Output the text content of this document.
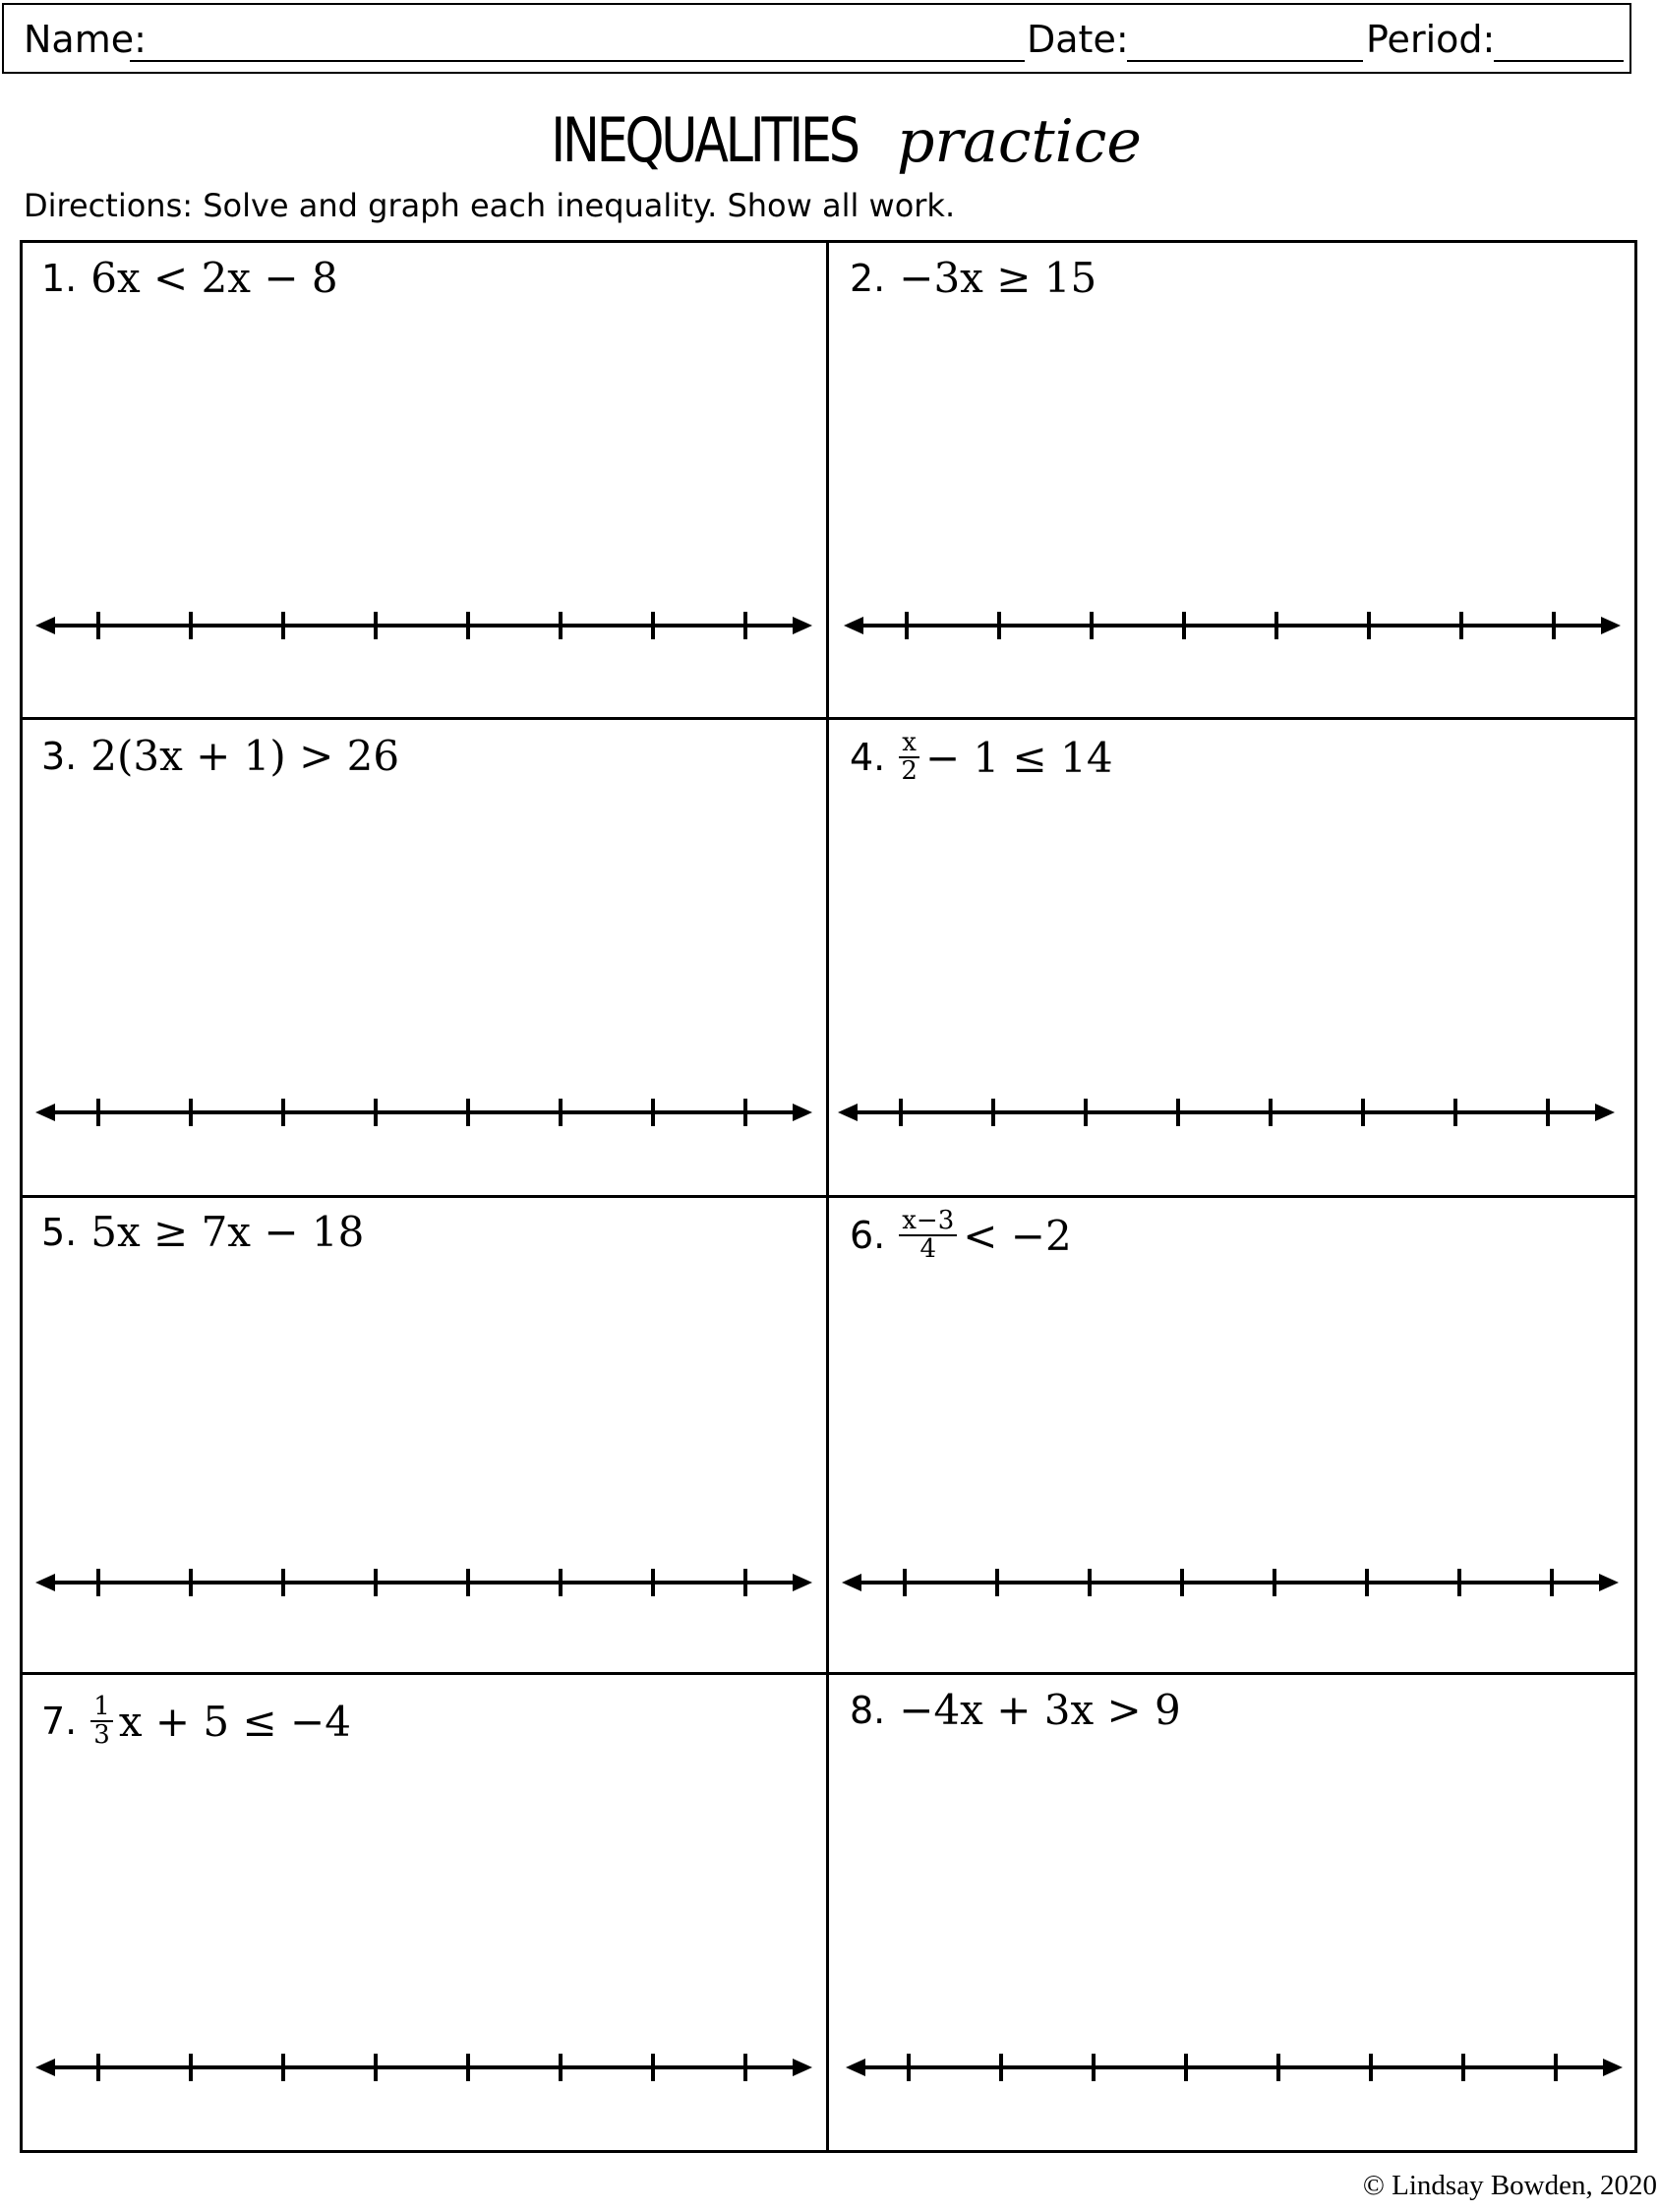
Name:	Date:	Period:
INEQUALITIES practice
Directions: Solve and graph each inequality. Show all work.
1. 6x < 2x − 8	2. −3x ≥ 15
3. 2(3x + 1) > 26	4. $\frac{x}{2} - 1 \le 14$
5. 5x ≥ 7x − 18	6. $\frac{x-3}{4} < -2$
7. $\frac{1}{3}$ x + 5 ≤ −4	8. −4x + 3x > 9
© Lindsay Bowden, 2020
